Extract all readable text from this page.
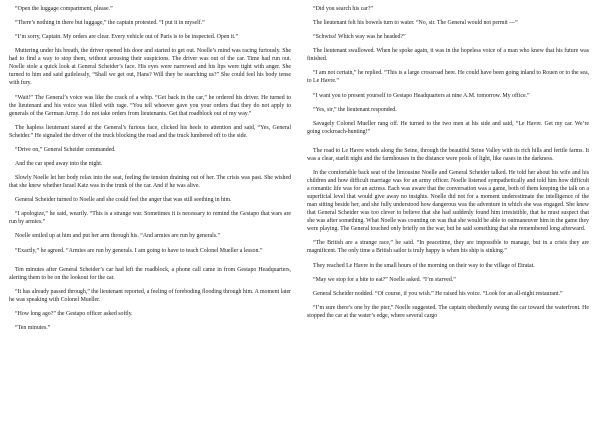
“Open the luggage compartment, please.”

“There’s nothing in there but luggage,” the captain protested. “I put it in myself.”

“I’m sorry, Captain. My orders are clear. Every vehicle out of Paris is to be inspected. Open it.”

Muttering under his breath, the driver opened his door and started to get out. Noelle’s mind was racing furiously. She had to find a way to stop them, without arousing their suspicions. The driver was out of the car. Time had run out. Noelle stole a quick look at General Scheider’s face. His eyes were narrowed and his lips were tight with anger. She turned to him and said guilelessly, “Shall we get out, Hans? Will they be searching us?” She could feel his body tense with fury.

“Wait!” The General’s voice was like the crack of a whip. “Get back in the car,” he ordered his driver. He turned to the lieutenant and his voice was filled with rage. “You tell whoever gave you your orders that they do not apply to generals of the German Army. I do not take orders from lieutenants. Get that roadblock out of my way.”

The hapless lieutenant stared at the General’s furious face, clicked his heels to attention and said, “Yes, General Scheider.” He signaled the driver of the truck blocking the road and the truck lumbered off to the side.

“Drive on,” General Scheider commanded.

And the car sped away into the night.

Slowly Noelle let her body relax into the seat, feeling the tension draining out of her. The crisis was past. She wished that she knew whether Israel Katz was in the trunk of the car. And if he was alive.

General Scheider turned to Noelle and she could feel the anger that was still seething in him.

“I apologize,” he said, wearily. “This is a strange war. Sometimes it is necessary to remind the Gestapo that wars are run by armies.”

Noelle smiled up at him and put her arm through his. “And armies are run by generals.”

“Exactly,” he agreed. “Armies are run by generals. I am going to have to teach Colonel Mueller a lesson.”

Ten minutes after General Scheider’s car had left the roadblock, a phone call came in from Gestapo Headquarters, alerting them to be on the lookout for the car.

“It has already passed through,” the lieutenant reported, a feeling of foreboding flooding through him. A moment later he was speaking with Colonel Mueller.

“How long ago?” the Gestapo officer asked softly.

“Ten minutes.”

“Did you search his car?”

The lieutenant felt his bowels turn to water. “No, sir. The General would not permit —”

“Schwiss! Which way was he headed?”

The lieutenant swallowed. When he spoke again, it was in the hopeless voice of a man who knew that his future was finished.

“I am not certain,” he replied. “This is a large crossroad here. He could have been going inland to Rouen or to the sea, to Le Havre.”

“I want you to present yourself to Gestapo Headquarters at nine A.M. tomorrow. My office.”

“Yes, sir,” the lieutenant responded.

Savagely Colonel Mueller rang off. He turned to the two men at his side and said, “Le Havre. Get my car. We’re going cockroach-hunting!”

The road to Le Havre winds along the Seine, through the beautiful Seine Valley with its rich hills and fertile farms. It was a clear, starlit night and the farmhouses in the distance were pools of light, like oases in the darkness.

In the comfortable back seat of the limousine Noelle and General Scheider talked. He told her about his wife and his children and how difficult marriage was for an army officer. Noelle listened sympathetically and told him how difficult a romantic life was for an actress. Each was aware that the conversation was a game, both of them keeping the talk on a superficial level that would give away no insights. Noelle did not for a moment underestimate the intelligence of the man sitting beside her, and she fully understood how dangerous was the adventure in which she was engaged. She knew that General Scheider was too clever to believe that she had suddenly found him irresistible, that he must suspect that she was after something. What Noelle was counting on was that she would be able to outmaneuver him in the game they were playing. The General touched only briefly on the war, but he said something that she remembered long afterward.

“The British are a strange race,” he said. “In peacetime, they are impossible to manage, but in a crisis they are magnificent. The only time a British sailor is truly happy is when his ship is sinking.”

They reached Le Havre in the small hours of the morning on their way to the village of Etratat.

“May we stop for a bite to eat?” Noelle asked. “I’m starved.”

General Scheider nodded. “Of course, if you wish.” He raised his voice. “Look for an all-night restaurant.”

“I’m sure there’s one by the pier,” Noelle suggested. The captain obediently swung the car toward the waterfront. He stopped the car at the water’s edge, where several cargo
